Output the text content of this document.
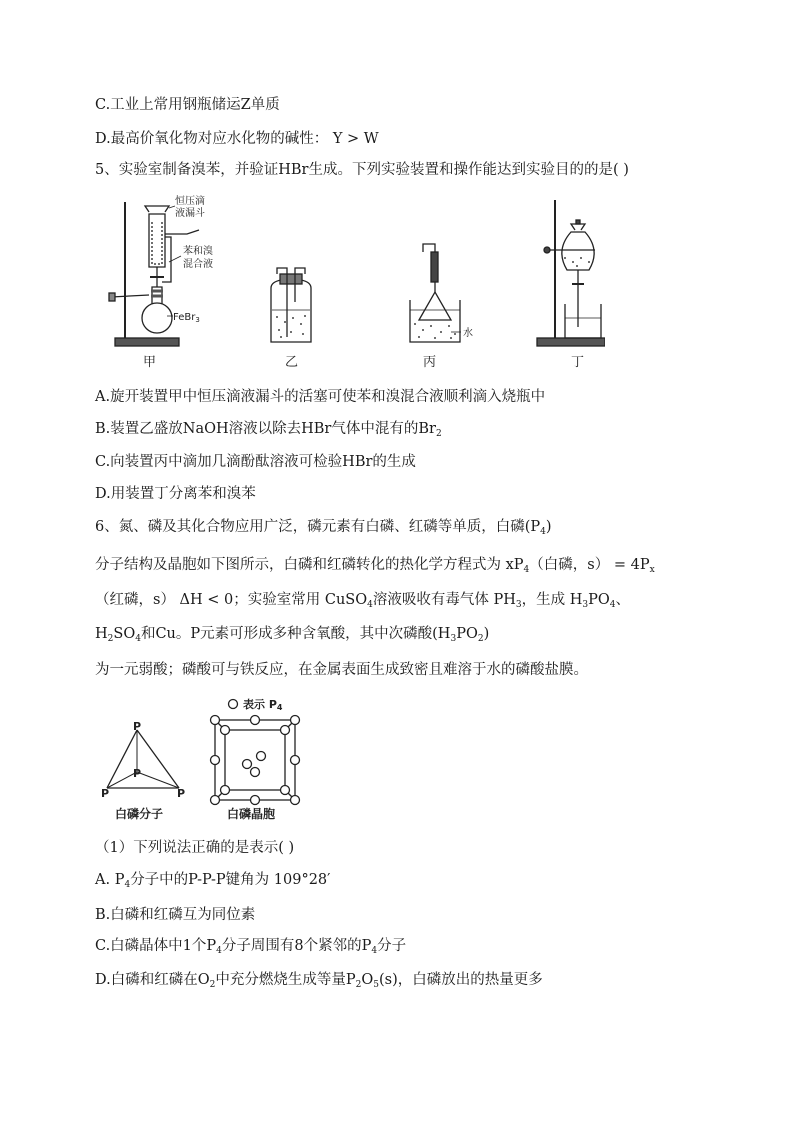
C.工业上常用钢瓶储运Z单质
D.最高价氧化物对应水化物的碱性： Y > W
5、实验室制备溴苯，并验证HBr生成。下列实验装置和操作能达到实验目的的是( )
恒压滴
液漏斗
苯和溴
混合液
FeBr$_3$
甲	乙
水
丙	丁
A.旋开装置甲中恒压滴液漏斗的活塞可使苯和溴混合液顺利滴入烧瓶中
B.装置乙盛放NaOH溶液以除去HBr气体中混有的$Br_2$
C.向装置丙中滴加几滴酚酞溶液可检验HBr的生成
D.用装置丁分离苯和溴苯
6、氮、磷及其化合物应用广泛，磷元素有白磷、红磷等单质，白磷$(P_4)$
分子结构及晶胞如下图所示，白磷和红磷转化的热化学方程式为 $xP_4$（白磷，$s) = 4P_x$
（红磷，s） ΔH < 0；实验室常用 CuSO$_4$溶液吸收有毒气体 $PH_3$，生成 $H_3PO_4$、
$H_2SO_4$和Cu。P元素可形成多种含氧酸，其中次磷酸$(H_3PO_2)$
为一元弱酸；磷酸可与铁反应，在金属表面生成致密且难溶于水的磷酸盐膜。
P
P
P	P
白磷分子
表示 P4
白磷晶胞
（1）下列说法正确的是表示( )
A. $P_4$分子中的P-P-P键角为 109°28′
B.白磷和红磷互为同位素
C.白磷晶体中1个$P_4$分子周围有8个紧邻的$P_4$分子
D.白磷和红磷在$O_2$中充分燃烧生成等量$P_2O_5(s)$，白磷放出的热量更多
